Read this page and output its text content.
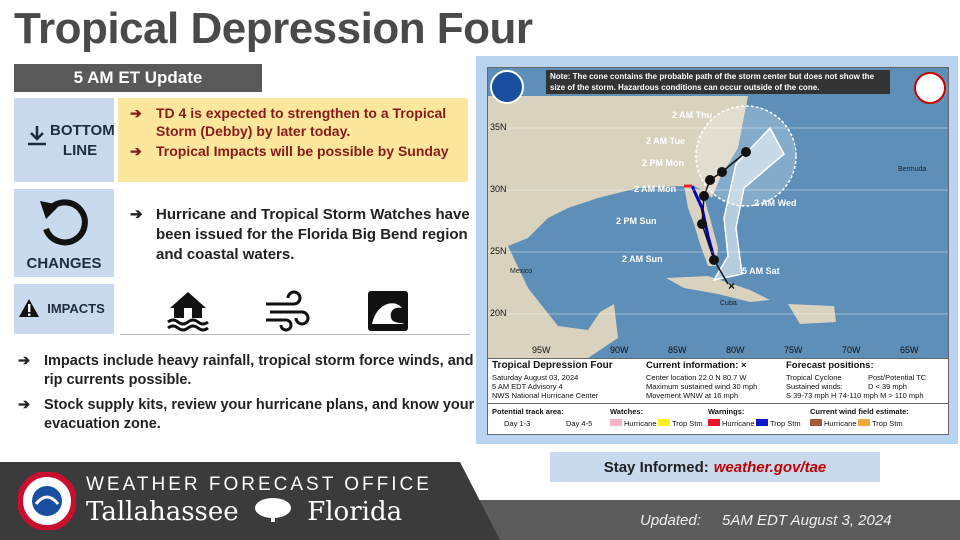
Tropical Depression Four
5 AM ET Update
BOTTOM
LINE
➔	TD 4 is expected to strengthen to a Tropical Storm (Debby) by later today.
➔	Tropical Impacts will be possible by Sunday
CHANGES
➔ Hurricane and Tropical Storm Watches have been issued for the Florida Big Bend region and coastal waters.
IMPACTS
➔ Impacts include heavy rainfall, tropical storm force winds, and rip currents possible.
➔ Stock supply kits, review your hurricane plans, and know your evacuation zone.
×
Note: The cone contains the probable path of the storm center but does not show the size of the storm. Hazardous conditions can occur outside of the cone.
35N
30N
25N
20N
95W	90W	85W	80W	75W	70W	65W
Bermuda
Mexico
Cuba
2 AM Thu
2 AM Tue
2 PM Mon
2 AM Mon
2 PM Sun
2 AM Sun
5 AM Sat
2 AM Wed
Tropical Depression Four
Saturday August 03, 2024
5 AM EDT Advisory 4
NWS National Hurricane Center
Current information: ×
Center location 22.0 N 80.7 W
Maximum sustained wind 30 mph
Movement WNW at 16 mph
Forecast positions:
Tropical Cyclone	Post/Potential TC
Sustained winds:	D < 39 mph
S 39-73 mph H 74-110 mph M > 110 mph
Potential track area:
Day 1-3	Day 4-5
Watches:
Hurricane Trop Stm
Warnings:
Hurricane Trop Stm
Current wind field estimate:
Hurricane Trop Stm
Stay Informed: weather.gov/tae
WEATHER FORECAST OFFICE
Tallahassee	Florida	Updated: 5AM EDT August 3, 2024
